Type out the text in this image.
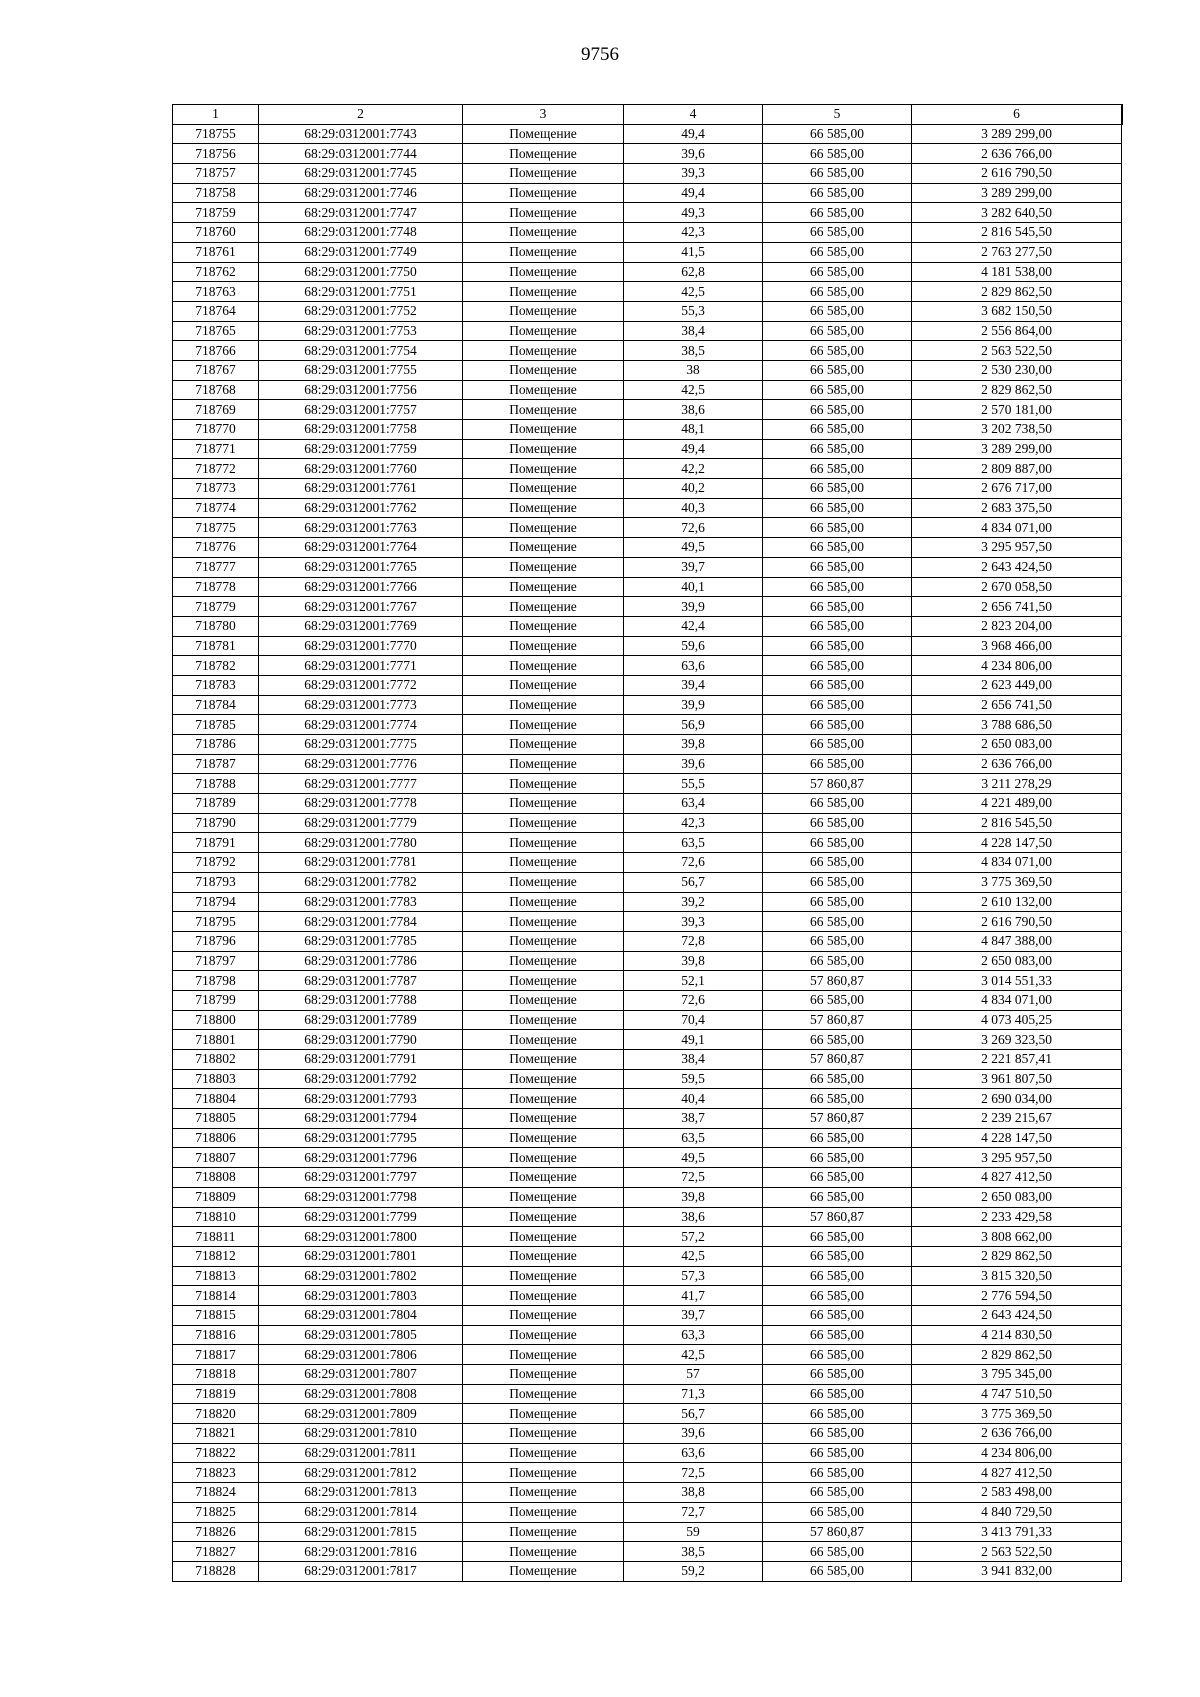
9756
1	2	3	4	5	6
718755	68:29:0312001:7743	Помещение	49,4	66 585,00	3 289 299,00
718756	68:29:0312001:7744	Помещение	39,6	66 585,00	2 636 766,00
718757	68:29:0312001:7745	Помещение	39,3	66 585,00	2 616 790,50
718758	68:29:0312001:7746	Помещение	49,4	66 585,00	3 289 299,00
718759	68:29:0312001:7747	Помещение	49,3	66 585,00	3 282 640,50
718760	68:29:0312001:7748	Помещение	42,3	66 585,00	2 816 545,50
718761	68:29:0312001:7749	Помещение	41,5	66 585,00	2 763 277,50
718762	68:29:0312001:7750	Помещение	62,8	66 585,00	4 181 538,00
718763	68:29:0312001:7751	Помещение	42,5	66 585,00	2 829 862,50
718764	68:29:0312001:7752	Помещение	55,3	66 585,00	3 682 150,50
718765	68:29:0312001:7753	Помещение	38,4	66 585,00	2 556 864,00
718766	68:29:0312001:7754	Помещение	38,5	66 585,00	2 563 522,50
718767	68:29:0312001:7755	Помещение	38	66 585,00	2 530 230,00
718768	68:29:0312001:7756	Помещение	42,5	66 585,00	2 829 862,50
718769	68:29:0312001:7757	Помещение	38,6	66 585,00	2 570 181,00
718770	68:29:0312001:7758	Помещение	48,1	66 585,00	3 202 738,50
718771	68:29:0312001:7759	Помещение	49,4	66 585,00	3 289 299,00
718772	68:29:0312001:7760	Помещение	42,2	66 585,00	2 809 887,00
718773	68:29:0312001:7761	Помещение	40,2	66 585,00	2 676 717,00
718774	68:29:0312001:7762	Помещение	40,3	66 585,00	2 683 375,50
718775	68:29:0312001:7763	Помещение	72,6	66 585,00	4 834 071,00
718776	68:29:0312001:7764	Помещение	49,5	66 585,00	3 295 957,50
718777	68:29:0312001:7765	Помещение	39,7	66 585,00	2 643 424,50
718778	68:29:0312001:7766	Помещение	40,1	66 585,00	2 670 058,50
718779	68:29:0312001:7767	Помещение	39,9	66 585,00	2 656 741,50
718780	68:29:0312001:7769	Помещение	42,4	66 585,00	2 823 204,00
718781	68:29:0312001:7770	Помещение	59,6	66 585,00	3 968 466,00
718782	68:29:0312001:7771	Помещение	63,6	66 585,00	4 234 806,00
718783	68:29:0312001:7772	Помещение	39,4	66 585,00	2 623 449,00
718784	68:29:0312001:7773	Помещение	39,9	66 585,00	2 656 741,50
718785	68:29:0312001:7774	Помещение	56,9	66 585,00	3 788 686,50
718786	68:29:0312001:7775	Помещение	39,8	66 585,00	2 650 083,00
718787	68:29:0312001:7776	Помещение	39,6	66 585,00	2 636 766,00
718788	68:29:0312001:7777	Помещение	55,5	57 860,87	3 211 278,29
718789	68:29:0312001:7778	Помещение	63,4	66 585,00	4 221 489,00
718790	68:29:0312001:7779	Помещение	42,3	66 585,00	2 816 545,50
718791	68:29:0312001:7780	Помещение	63,5	66 585,00	4 228 147,50
718792	68:29:0312001:7781	Помещение	72,6	66 585,00	4 834 071,00
718793	68:29:0312001:7782	Помещение	56,7	66 585,00	3 775 369,50
718794	68:29:0312001:7783	Помещение	39,2	66 585,00	2 610 132,00
718795	68:29:0312001:7784	Помещение	39,3	66 585,00	2 616 790,50
718796	68:29:0312001:7785	Помещение	72,8	66 585,00	4 847 388,00
718797	68:29:0312001:7786	Помещение	39,8	66 585,00	2 650 083,00
718798	68:29:0312001:7787	Помещение	52,1	57 860,87	3 014 551,33
718799	68:29:0312001:7788	Помещение	72,6	66 585,00	4 834 071,00
718800	68:29:0312001:7789	Помещение	70,4	57 860,87	4 073 405,25
718801	68:29:0312001:7790	Помещение	49,1	66 585,00	3 269 323,50
718802	68:29:0312001:7791	Помещение	38,4	57 860,87	2 221 857,41
718803	68:29:0312001:7792	Помещение	59,5	66 585,00	3 961 807,50
718804	68:29:0312001:7793	Помещение	40,4	66 585,00	2 690 034,00
718805	68:29:0312001:7794	Помещение	38,7	57 860,87	2 239 215,67
718806	68:29:0312001:7795	Помещение	63,5	66 585,00	4 228 147,50
718807	68:29:0312001:7796	Помещение	49,5	66 585,00	3 295 957,50
718808	68:29:0312001:7797	Помещение	72,5	66 585,00	4 827 412,50
718809	68:29:0312001:7798	Помещение	39,8	66 585,00	2 650 083,00
718810	68:29:0312001:7799	Помещение	38,6	57 860,87	2 233 429,58
718811	68:29:0312001:7800	Помещение	57,2	66 585,00	3 808 662,00
718812	68:29:0312001:7801	Помещение	42,5	66 585,00	2 829 862,50
718813	68:29:0312001:7802	Помещение	57,3	66 585,00	3 815 320,50
718814	68:29:0312001:7803	Помещение	41,7	66 585,00	2 776 594,50
718815	68:29:0312001:7804	Помещение	39,7	66 585,00	2 643 424,50
718816	68:29:0312001:7805	Помещение	63,3	66 585,00	4 214 830,50
718817	68:29:0312001:7806	Помещение	42,5	66 585,00	2 829 862,50
718818	68:29:0312001:7807	Помещение	57	66 585,00	3 795 345,00
718819	68:29:0312001:7808	Помещение	71,3	66 585,00	4 747 510,50
718820	68:29:0312001:7809	Помещение	56,7	66 585,00	3 775 369,50
718821	68:29:0312001:7810	Помещение	39,6	66 585,00	2 636 766,00
718822	68:29:0312001:7811	Помещение	63,6	66 585,00	4 234 806,00
718823	68:29:0312001:7812	Помещение	72,5	66 585,00	4 827 412,50
718824	68:29:0312001:7813	Помещение	38,8	66 585,00	2 583 498,00
718825	68:29:0312001:7814	Помещение	72,7	66 585,00	4 840 729,50
718826	68:29:0312001:7815	Помещение	59	57 860,87	3 413 791,33
718827	68:29:0312001:7816	Помещение	38,5	66 585,00	2 563 522,50
718828	68:29:0312001:7817	Помещение	59,2	66 585,00	3 941 832,00
